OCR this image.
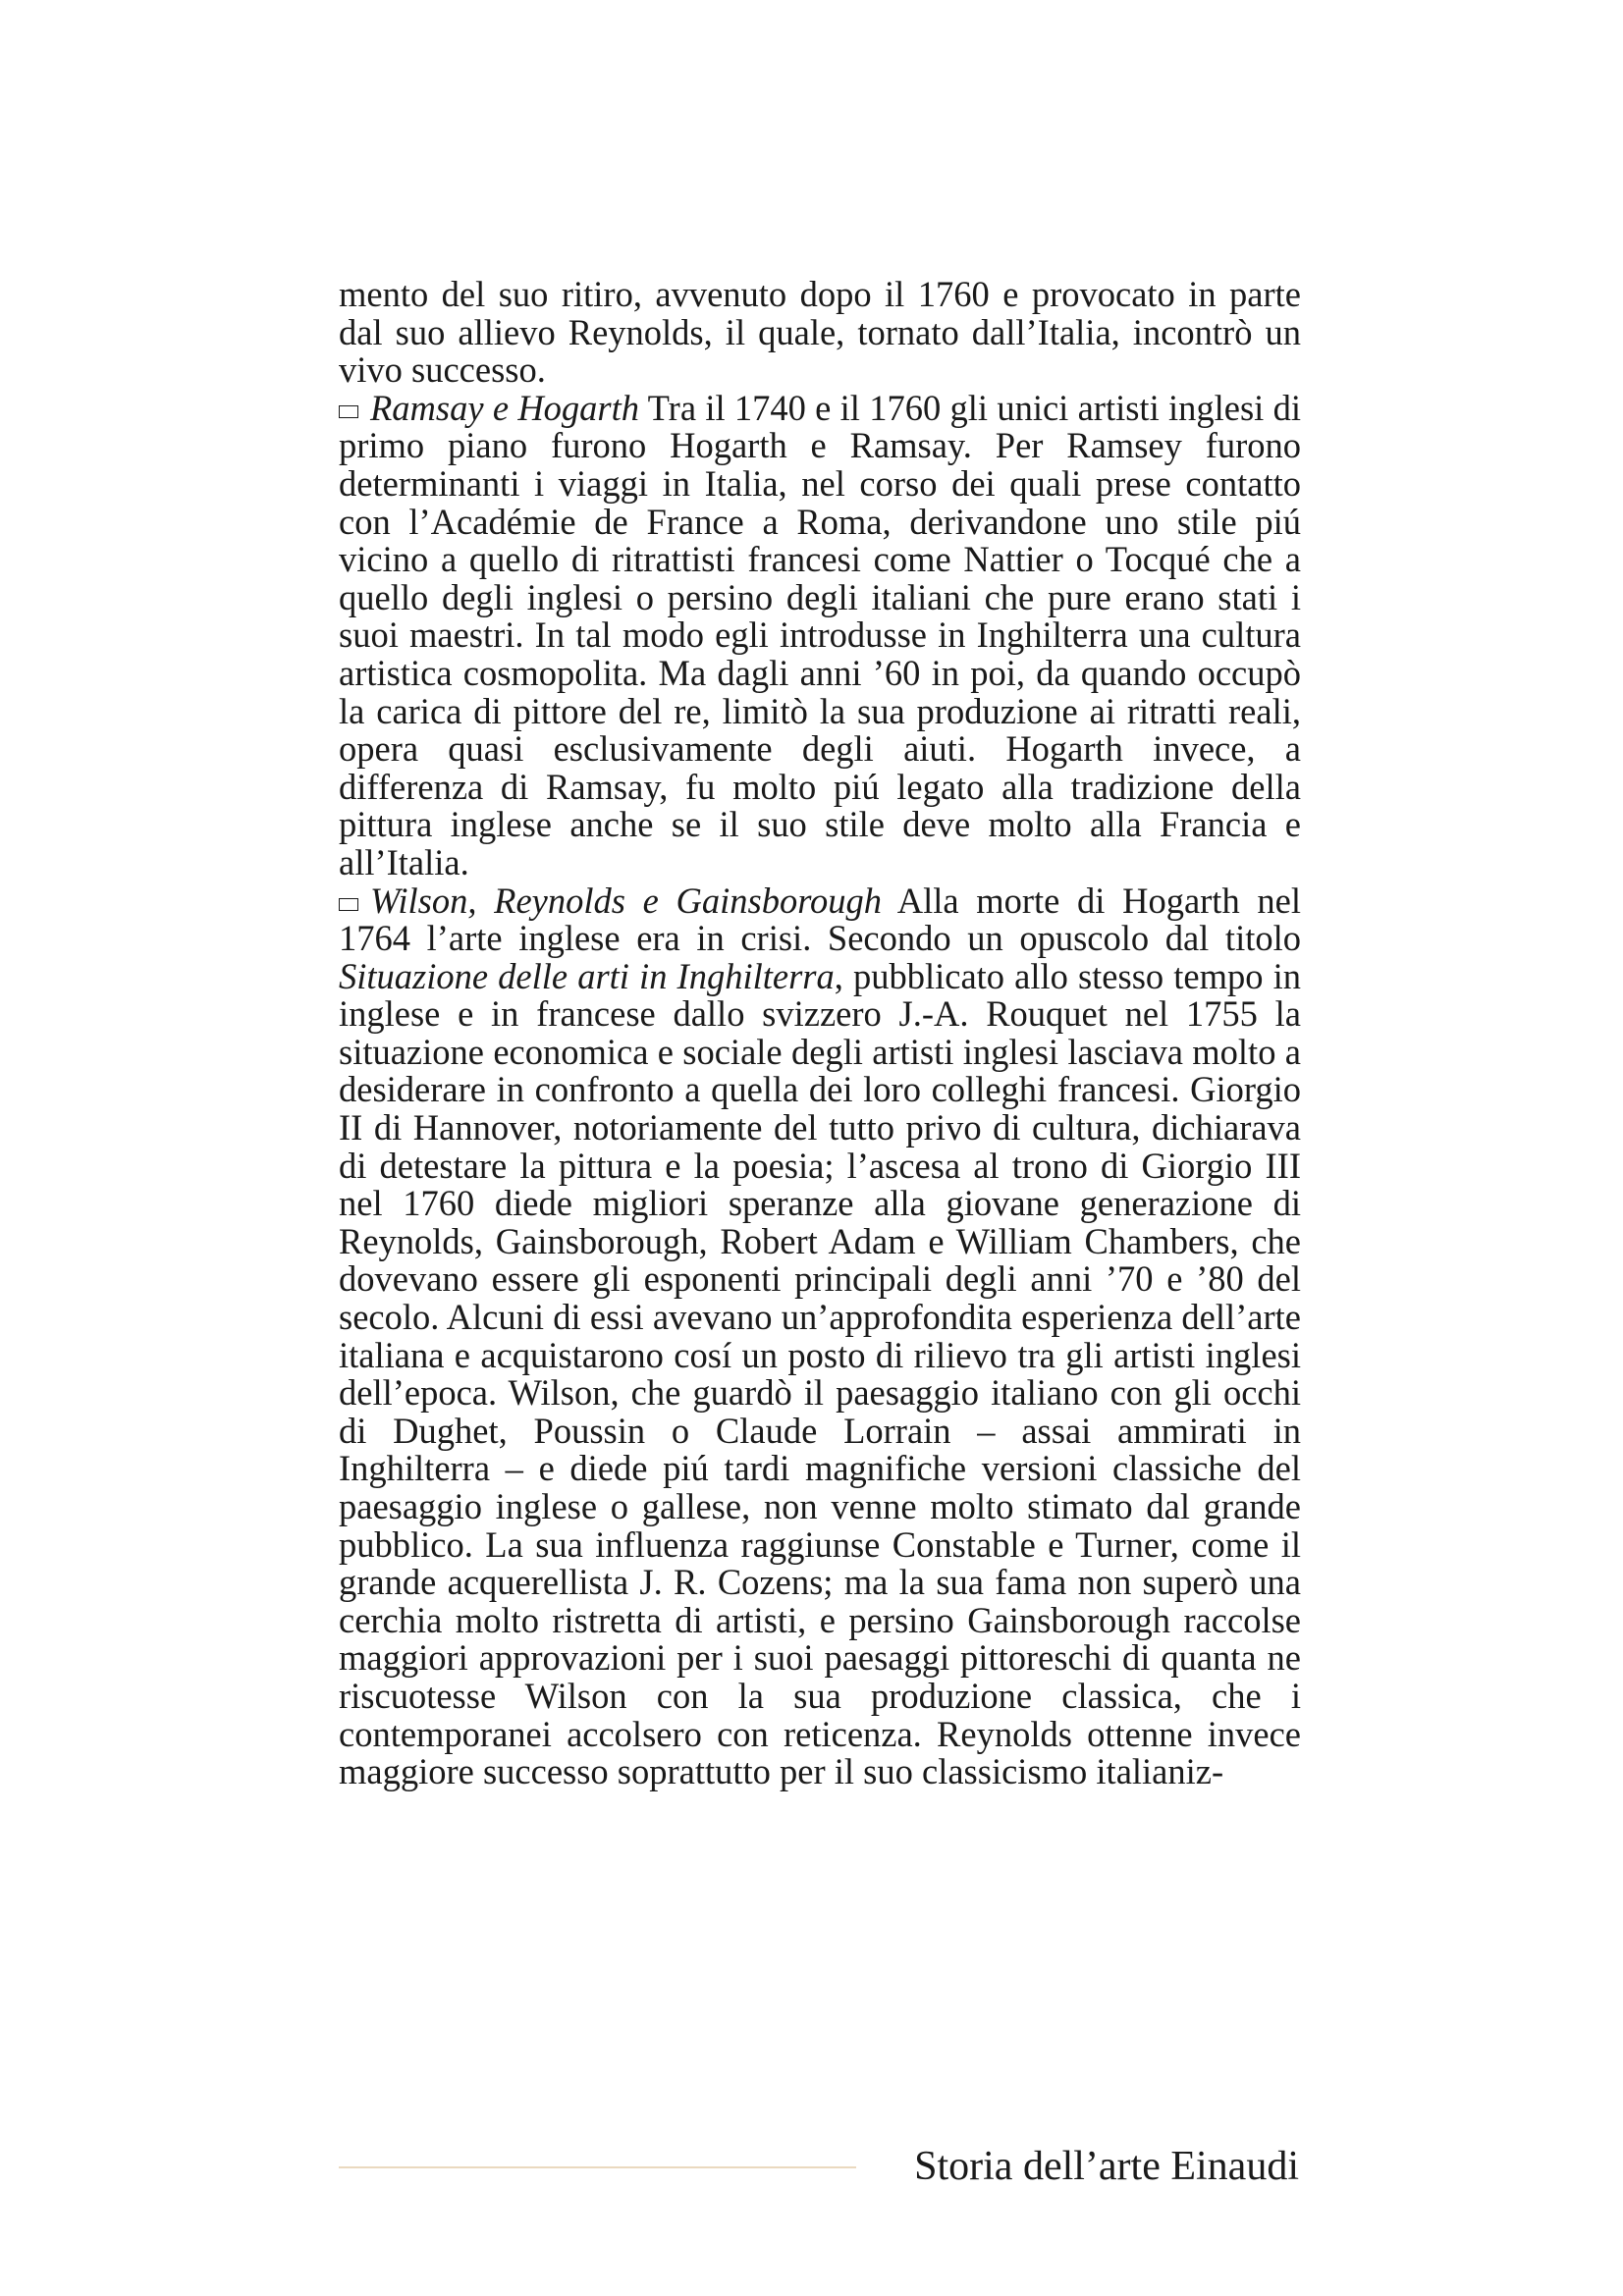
mento del suo ritiro, avvenuto dopo il 1760 e provocato in parte dal suo allievo Reynolds, il quale, tornato dall’Italia, incontrò un vivo successo.

Ramsay e Hogarth Tra il 1740 e il 1760 gli unici artisti inglesi di primo piano furono Hogarth e Ramsay. Per Ramsey furono determinanti i viaggi in Italia, nel corso dei quali prese contatto con l’Académie de France a Roma, derivandone uno stile piú vicino a quello di ritrattisti francesi come Nattier o Tocqué che a quello degli inglesi o persino degli italiani che pure erano stati i suoi maestri. In tal modo egli introdusse in Inghilterra una cultura artistica cosmopolita. Ma dagli anni ’60 in poi, da quando occupò la carica di pittore del re, limitò la sua produzione ai ritratti reali, opera quasi esclusivamente degli aiuti. Hogarth invece, a differenza di Ramsay, fu molto piú legato alla tradizione della pittura inglese anche se il suo stile deve molto alla Francia e all’Italia.

Wilson, Reynolds e Gainsborough Alla morte di Hogarth nel 1764 l’arte inglese era in crisi. Secondo un opuscolo dal titolo Situazione delle arti in Inghilterra, pubblicato allo stesso tempo in inglese e in francese dallo svizzero J.-A. Rouquet nel 1755 la situazione economica e sociale degli artisti inglesi lasciava molto a desiderare in confronto a quella dei loro colleghi francesi. Giorgio II di Hannover, notoriamente del tutto privo di cultura, dichiarava di detestare la pittura e la poesia; l’ascesa al trono di Giorgio III nel 1760 diede migliori speranze alla giovane generazione di Reynolds, Gainsborough, Robert Adam e William Chambers, che dovevano essere gli esponenti principali degli anni ’70 e ’80 del secolo. Alcuni di essi avevano un’approfondita esperienza dell’arte italiana e acquistarono cosí un posto di rilievo tra gli artisti inglesi dell’epoca. Wilson, che guardò il paesaggio italiano con gli occhi di Dughet, Poussin o Claude Lorrain – assai ammirati in Inghilterra – e diede piú tardi magnifiche versioni classiche del paesaggio inglese o gallese, non venne molto stimato dal grande pubblico. La sua influenza raggiunse Constable e Turner, come il grande acquerellista J. R. Cozens; ma la sua fama non superò una cerchia molto ristretta di artisti, e persino Gainsborough raccolse maggiori approvazioni per i suoi paesaggi pittoreschi di quanta ne riscuotesse Wilson con la sua produzione classica, che i contemporanei accolsero con reticenza. Reynolds ottenne invece maggiore successo soprattutto per il suo classicismo italianiz-

Storia dell’arte Einaudi
